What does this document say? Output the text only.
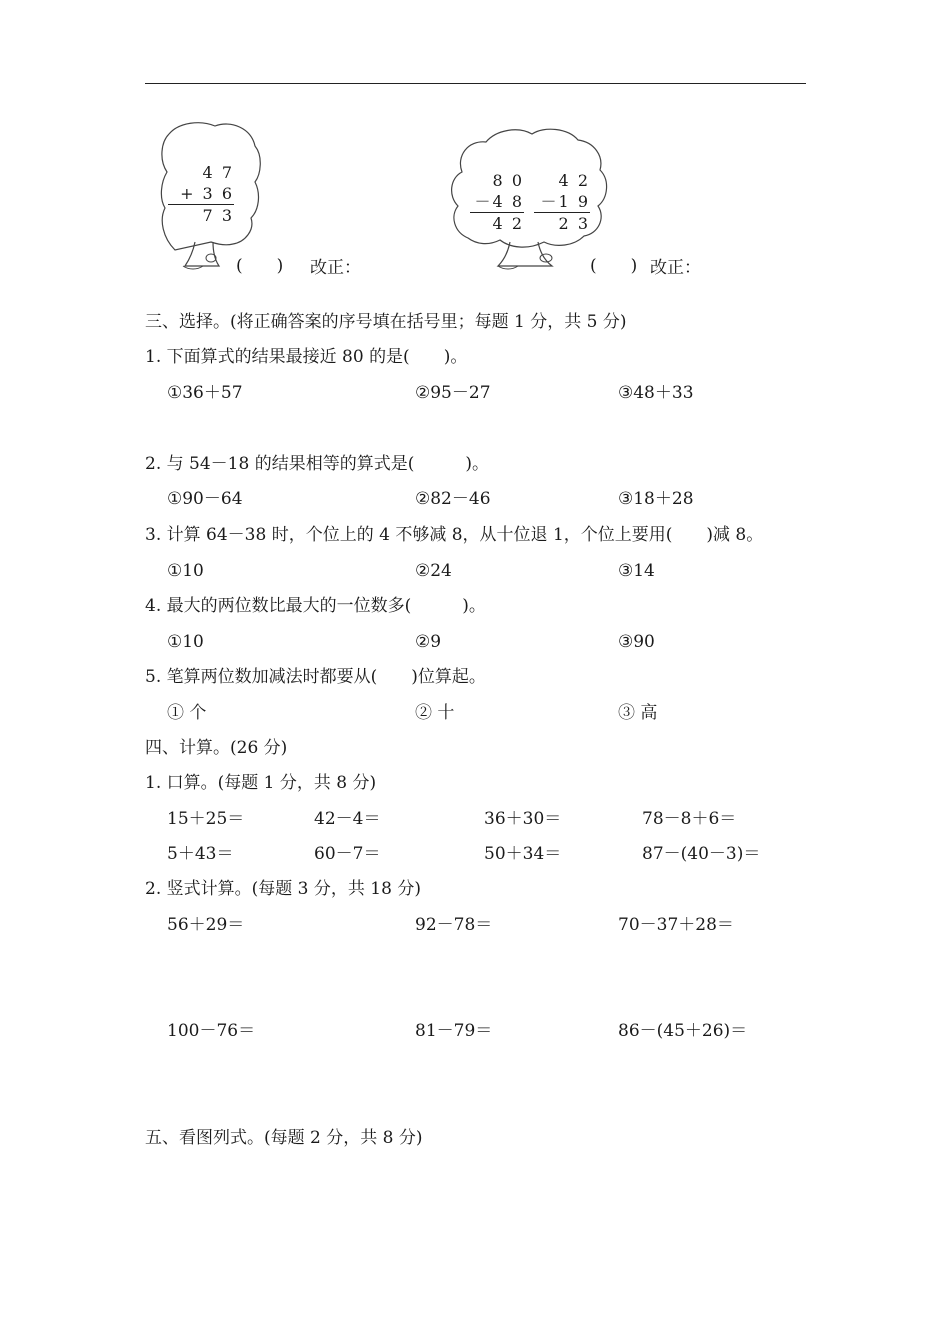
4 7
+ 3 6
7 3
(　　) 改正：
8 0
－4 8
4 2
4 2
－1 9
2 3
(　　) 改正：
三、选择。(将正确答案的序号填在括号里；每题 1 分，共 5 分)
1. 下面算式的结果最接近 80 的是(　　)。
①36＋57	②95－27	③48＋33
2. 与 54－18 的结果相等的算式是(　　　)。
①90－64	②82－46	③18＋28
3. 计算 64－38 时，个位上的 4 不够减 8，从十位退 1，个位上要用(　　)减 8。
①10	②24	③14
4. 最大的两位数比最大的一位数多(　　　)。
①10	②9	③90
5. 笔算两位数加减法时都要从(　　)位算起。
① 个	② 十	③ 高
四、计算。(26 分)
1. 口算。(每题 1 分，共 8 分)
15＋25＝	42－4＝	36＋30＝	78－8＋6＝
5＋43＝	60－7＝	50＋34＝	87－(40－3)＝
2. 竖式计算。(每题 3 分，共 18 分)
56＋29＝	92－78＝	70－37＋28＝
100－76＝	81－79＝	86－(45＋26)＝
五、看图列式。(每题 2 分，共 8 分)
